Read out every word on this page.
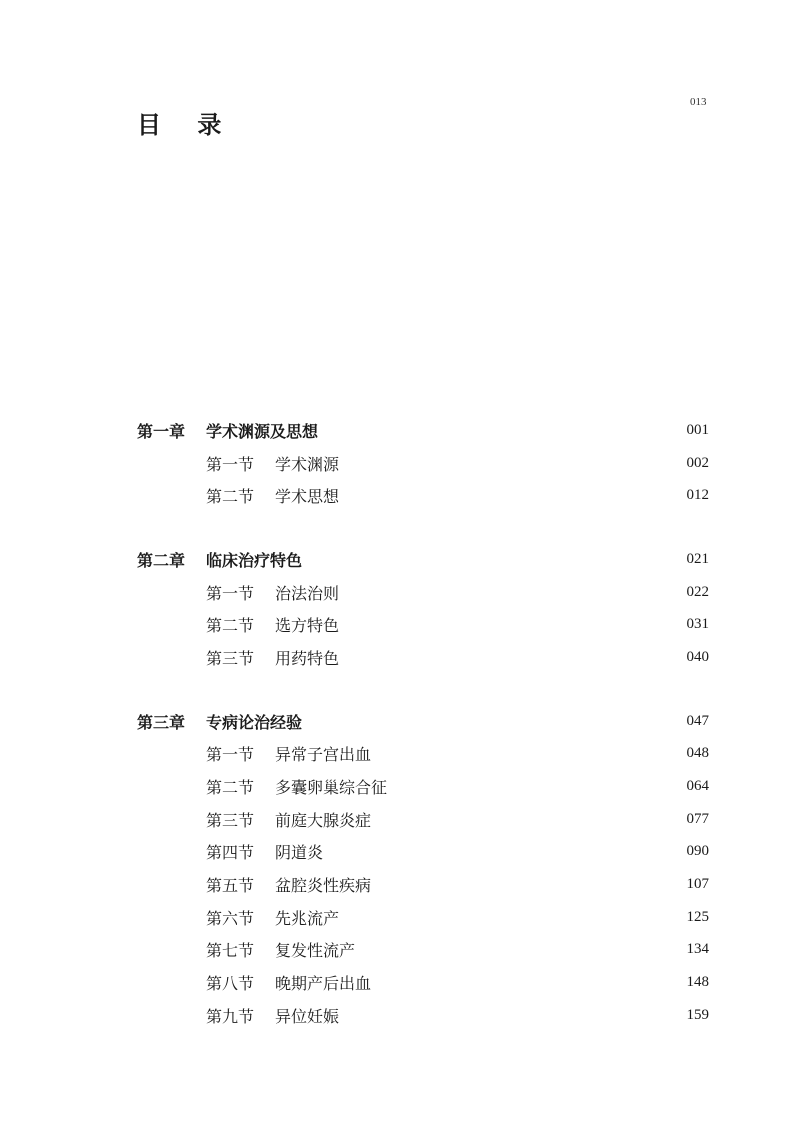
013
目 录
第一章 学术渊源及思想	001
第一节 学术渊源	002
第二节 学术思想	012
第二章 临床治疗特色	021
第一节 治法治则	022
第二节 选方特色	031
第三节 用药特色	040
第三章 专病论治经验	047
第一节 异常子宫出血	048
第二节 多囊卵巢综合征	064
第三节 前庭大腺炎症	077
第四节 阴道炎	090
第五节 盆腔炎性疾病	107
第六节 先兆流产	125
第七节 复发性流产	134
第八节 晚期产后出血	148
第九节 异位妊娠	159
